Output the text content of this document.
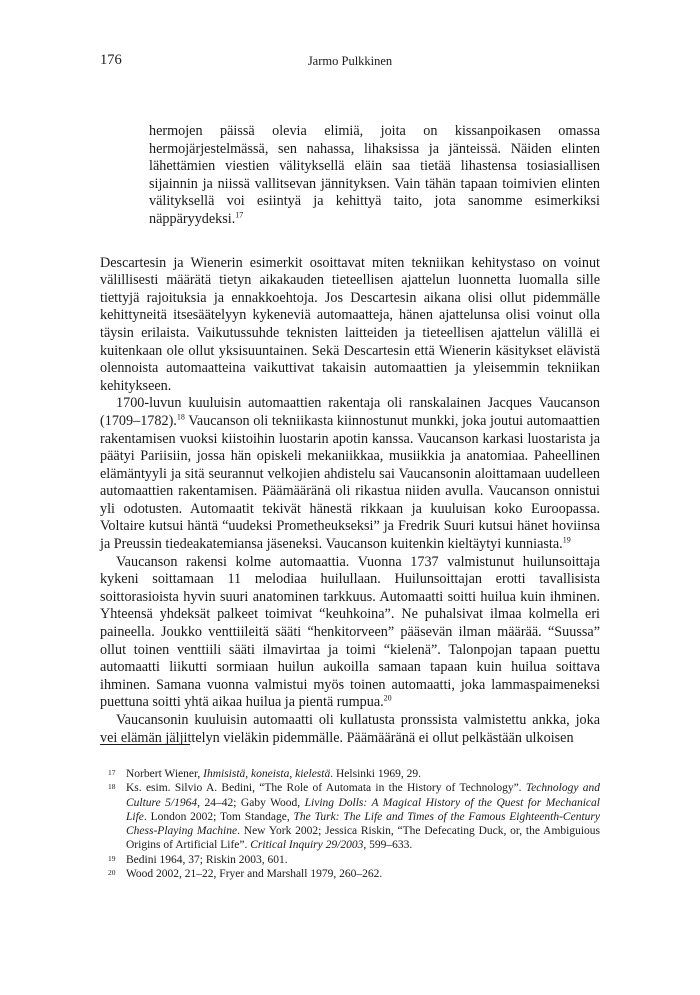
176	Jarmo Pulkkinen

hermojen päissä olevia elimiä, joita on kissanpoikasen omassa hermojärjestelmässä, sen nahassa, lihaksissa ja jänteissä. Näiden elinten lähettämien viestien välityksellä eläin saa tietää lihastensa tosiasiallisen sijainnin ja niissä vallitsevan jännityksen. Vain tähän tapaan toimivien elinten välityksellä voi esiintyä ja kehittyä taito, jota sanomme esimerkiksi näppäryydeksi.$^{17}$

Descartesin ja Wienerin esimerkit osoittavat miten tekniikan kehitystaso on voinut välillisesti määrätä tietyn aikakauden tieteellisen ajattelun luonnetta luomalla sille tiettyjä rajoituksia ja ennakkoehtoja. Jos Descartesin aikana olisi ollut pidemmälle kehittyneitä itsesäätelyyn kykeneviä automaatteja, hänen ajattelunsa olisi voinut olla täysin erilaista. Vaikutussuhde teknisten laitteiden ja tieteellisen ajattelun välillä ei kuitenkaan ole ollut yksisuuntainen. Sekä Descartesin että Wienerin käsitykset elävistä olennoista automaatteina vaikuttivat takaisin automaattien ja yleisemmin tekniikan kehitykseen.

1700-luvun kuuluisin automaattien rakentaja oli ranskalainen Jacques Vaucanson (1709–1782).$^{18}$ Vaucanson oli tekniikasta kiinnostunut munkki, joka joutui automaattien rakentamisen vuoksi kiistoihin luostarin apotin kanssa. Vaucanson karkasi luostarista ja päätyi Pariisiin, jossa hän opiskeli mekaniikkaa, musiikkia ja anatomiaa. Paheellinen elämäntyyli ja sitä seurannut velkojien ahdistelu sai Vaucansonin aloittamaan uudelleen automaattien rakentamisen. Päämääränä oli rikastua niiden avulla. Vaucanson onnistui yli odotusten. Automaatit tekivät hänestä rikkaan ja kuuluisan koko Euroopassa. Voltaire kutsui häntä “uudeksi Prometheukseksi” ja Fredrik Suuri kutsui hänet hoviinsa ja Preussin tiedeakatemiansa jäseneksi. Vaucanson kuitenkin kieltäytyi kunniasta.$^{19}$

Vaucanson rakensi kolme automaattia. Vuonna 1737 valmistunut huilunsoittaja kykeni soittamaan 11 melodiaa huilullaan. Huilunsoittajan erotti tavallisista soittorasioista hyvin suuri anatominen tarkkuus. Automaatti soitti huilua kuin ihminen. Yhteensä yhdeksät palkeet toimivat “keuhkoina”. Ne puhalsivat ilmaa kolmella eri paineella. Joukko venttiileitä sääti “henkitorveen” pääsevän ilman määrää. “Suussa” ollut toinen venttiili sääti ilmavirtaa ja toimi “kielenä”. Talonpojan tapaan puettu automaatti liikutti sormiaan huilun aukoilla samaan tapaan kuin huilua soittava ihminen. Samana vuonna valmistui myös toinen automaatti, joka lammaspaimeneksi puettuna soitti yhtä aikaa huilua ja pientä rumpua.$^{20}$

Vaucansonin kuuluisin automaatti oli kullatusta pronssista valmistettu ankka, joka vei elämän jäljittelyn vieläkin pidemmälle. Päämääränä ei ollut pelkästään ulkoisen

17 Norbert Wiener, Ihmisistä, koneista, kielestä. Helsinki 1969, 29.

18 Ks. esim. Silvio A. Bedini, “The Role of Automata in the History of Technology”. Technology and Culture 5/1964, 24–42; Gaby Wood, Living Dolls: A Magical History of the Quest for Mechanical Life. London 2002; Tom Standage, The Turk: The Life and Times of the Famous Eighteenth-Century Chess-Playing Machine. New York 2002; Jessica Riskin, “The Defecating Duck, or, the Ambiguious Origins of Artificial Life”. Critical Inquiry 29/2003, 599–633.

19 Bedini 1964, 37; Riskin 2003, 601.

20 Wood 2002, 21–22, Fryer and Marshall 1979, 260–262.
